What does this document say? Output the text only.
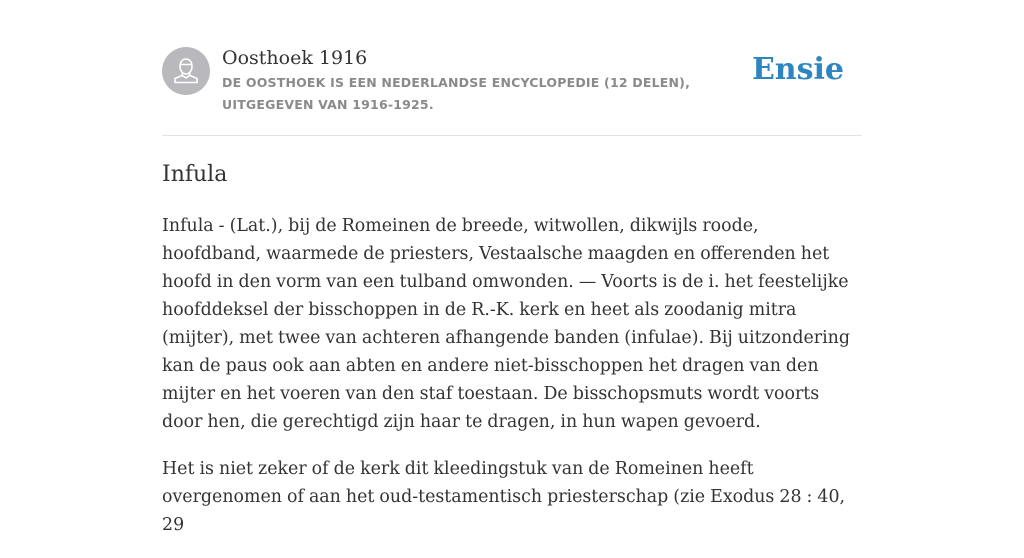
Oosthoek 1916
DE OOSTHOEK IS EEN NEDERLANDSE ENCYCLOPEDIE (12 DELEN), UITGEGEVEN VAN 1916-1925.
Ensie
Infula

Infula - (Lat.), bij de Romeinen de breede, witwollen, dikwijls roode, hoofdband, waarmede de priesters, Vestaalsche maagden en offerenden het hoofd in den vorm van een tulband omwonden. — Voorts is de i. het feestelijke hoofddeksel der bisschoppen in de R.-K. kerk en heet als zoodanig mitra (mijter), met twee van achteren afhangende banden (infulae). Bij uitzondering kan de paus ook aan abten en andere niet-bisschoppen het dragen van den mijter en het voeren van den staf toestaan. De bisschopsmuts wordt voorts door hen, die gerechtigd zijn haar te dragen, in hun wapen gevoerd.

Het is niet zeker of de kerk dit kleedingstuk van de Romeinen heeft overgenomen of aan het oud-testamentisch priesterschap (zie Exodus 28 : 40, 29
